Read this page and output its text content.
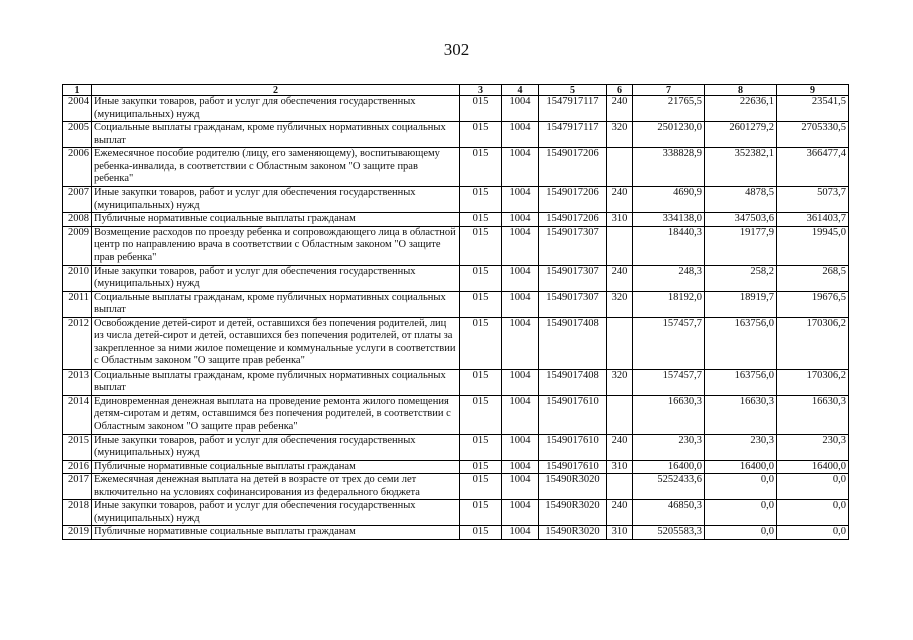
302
1	2	3	4	5	6	7	8	9
2004	Иные закупки товаров, работ и услуг для обеспечения государственных (муниципальных) нужд	015	1004	1547917117	240	21765,5	22636,1	23541,5
2005	Социальные выплаты гражданам, кроме публичных нормативных социальных выплат	015	1004	1547917117	320	2501230,0	2601279,2	2705330,5
2006	Ежемесячное пособие родителю (лицу, его заменяющему), воспитывающему ребенка-инвалида, в соответствии с Областным законом "О защите прав ребенка"	015	1004	1549017206		338828,9	352382,1	366477,4
2007	Иные закупки товаров, работ и услуг для обеспечения государственных (муниципальных) нужд	015	1004	1549017206	240	4690,9	4878,5	5073,7
2008	Публичные нормативные социальные выплаты гражданам	015	1004	1549017206	310	334138,0	347503,6	361403,7
2009	Возмещение расходов по проезду ребенка и сопровождающего лица в областной центр по направлению врача в соответствии с Областным законом "О защите прав ребенка"	015	1004	1549017307		18440,3	19177,9	19945,0
2010	Иные закупки товаров, работ и услуг для обеспечения государственных (муниципальных) нужд	015	1004	1549017307	240	248,3	258,2	268,5
2011	Социальные выплаты гражданам, кроме публичных нормативных социальных выплат	015	1004	1549017307	320	18192,0	18919,7	19676,5
2012	Освобождение детей-сирот и детей, оставшихся без попечения родителей, лиц из числа детей-сирот и детей, оставшихся без попечения родителей, от платы за закрепленное за ними жилое помещение и коммунальные услуги в соответствии с Областным законом "О защите прав ребенка"	015	1004	1549017408		157457,7	163756,0	170306,2
2013	Социальные выплаты гражданам, кроме публичных нормативных социальных выплат	015	1004	1549017408	320	157457,7	163756,0	170306,2
2014	Единовременная денежная выплата на проведение ремонта жилого помещения детям-сиротам и детям, оставшимся без попечения родителей, в соответствии с Областным законом "О защите прав ребенка"	015	1004	1549017610		16630,3	16630,3	16630,3
2015	Иные закупки товаров, работ и услуг для обеспечения государственных (муниципальных) нужд	015	1004	1549017610	240	230,3	230,3	230,3
2016	Публичные нормативные социальные выплаты гражданам	015	1004	1549017610	310	16400,0	16400,0	16400,0
2017	Ежемесячная денежная выплата на детей в возрасте от трех до семи лет включительно на условиях софинансирования из федерального бюджета	015	1004	15490R3020		5252433,6	0,0	0,0
2018	Иные закупки товаров, работ и услуг для обеспечения государственных (муниципальных) нужд	015	1004	15490R3020	240	46850,3	0,0	0,0
2019	Публичные нормативные социальные выплаты гражданам	015	1004	15490R3020	310	5205583,3	0,0	0,0
